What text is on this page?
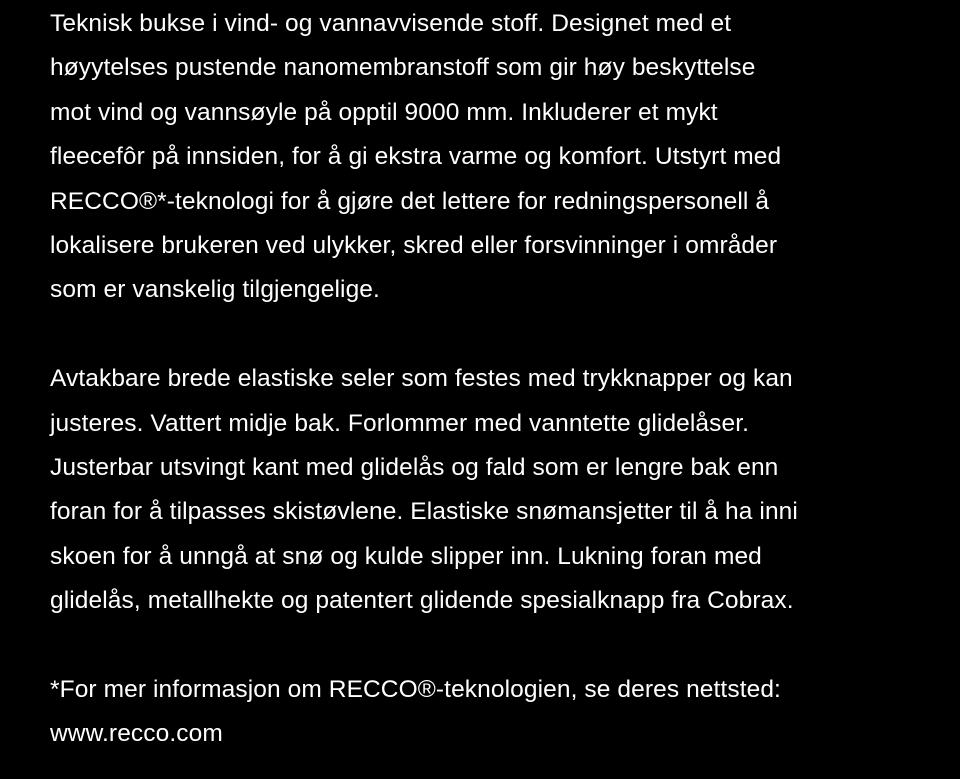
Teknisk bukse i vind- og vannavvisende stoff. Designet med et
høyytelses pustende nanomembranstoff som gir høy beskyttelse
mot vind og vannsøyle på opptil 9000 mm. Inkluderer et mykt
fleecefôr på innsiden, for å gi ekstra varme og komfort. Utstyrt med
RECCO®*-teknologi for å gjøre det lettere for redningspersonell å
lokalisere brukeren ved ulykker, skred eller forsvinninger i områder
som er vanskelig tilgjengelige.

Avtakbare brede elastiske seler som festes med trykknapper og kan
justeres. Vattert midje bak. Forlommer med vanntette glidelåser.
Justerbar utsvingt kant med glidelås og fald som er lengre bak enn
foran for å tilpasses skistøvlene. Elastiske snømansjetter til å ha inni
skoen for å unngå at snø og kulde slipper inn. Lukning foran med
glidelås, metallhekte og patentert glidende spesialknapp fra Cobrax.

*For mer informasjon om RECCO®-teknologien, se deres nettsted:
www.recco.com
